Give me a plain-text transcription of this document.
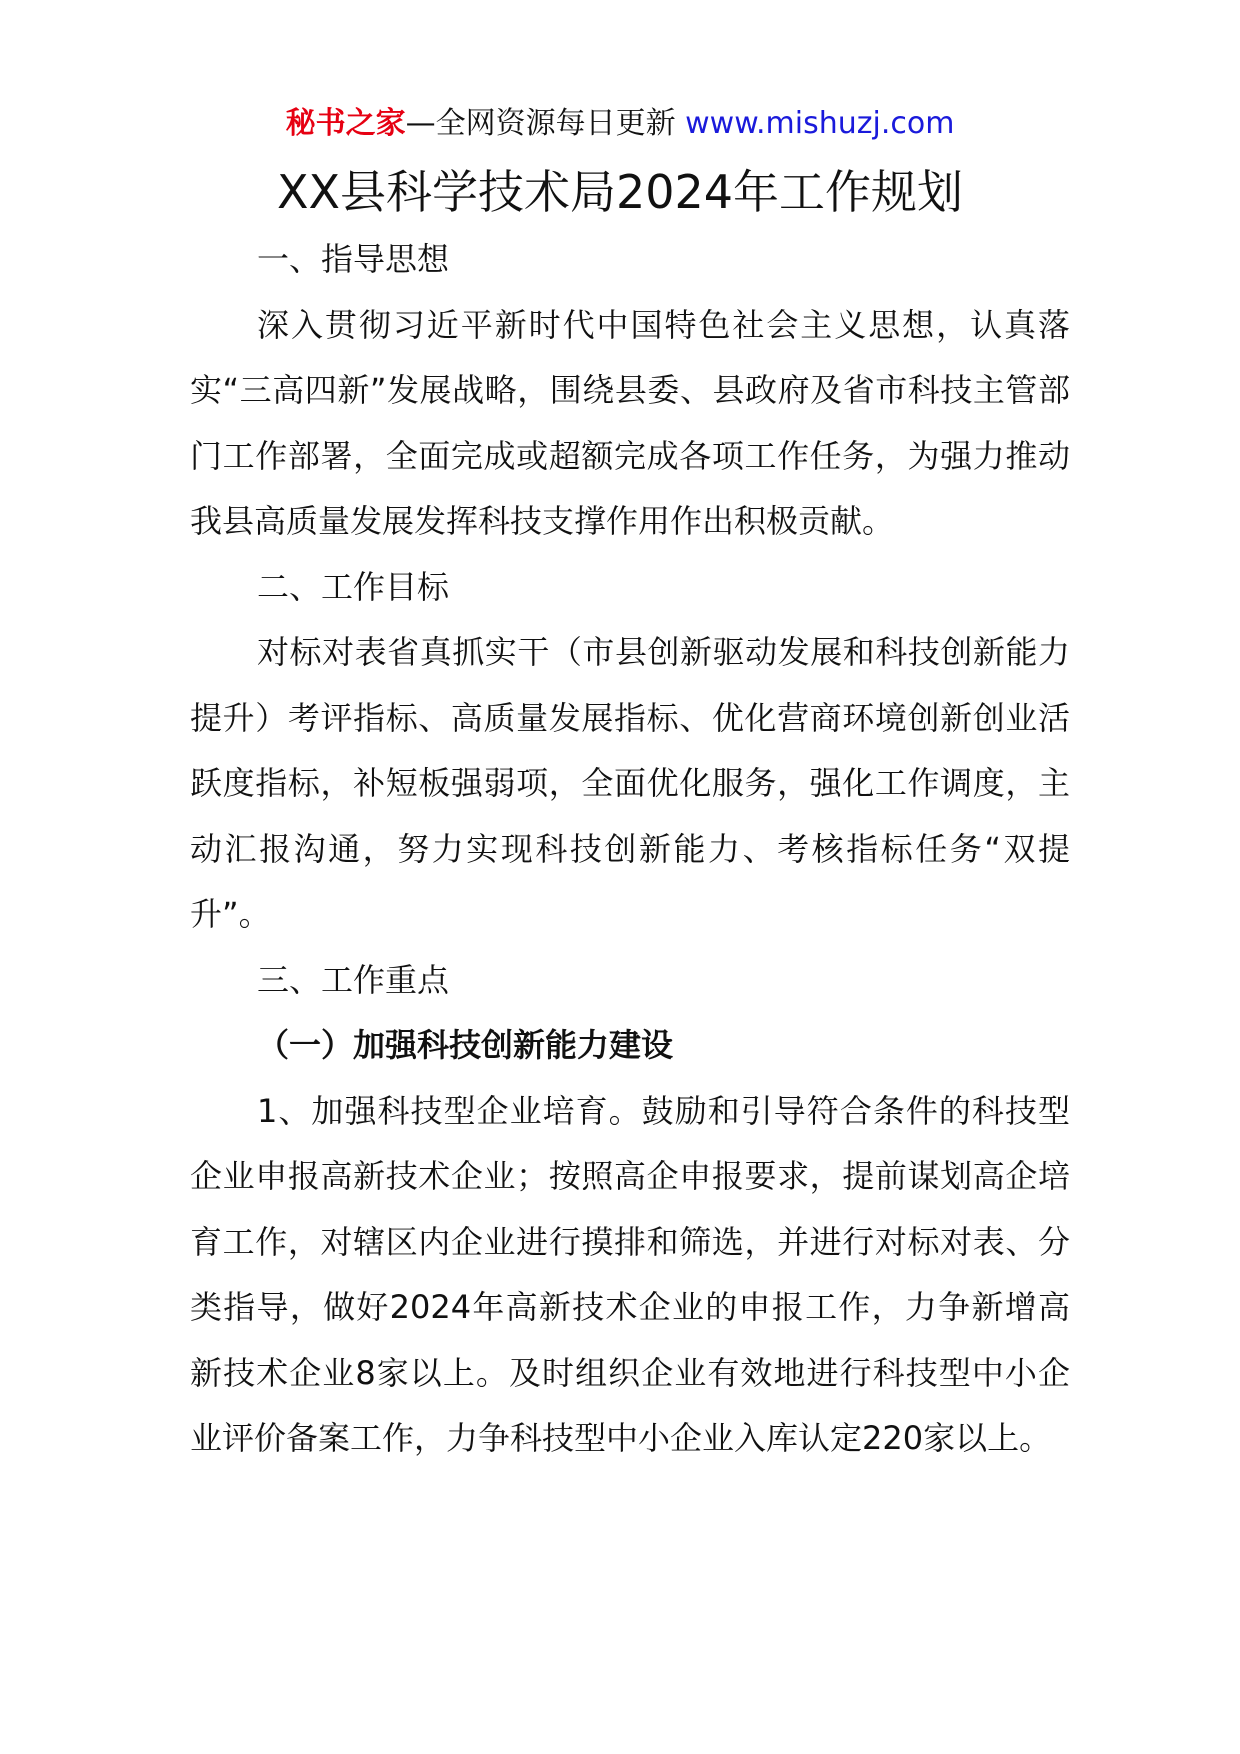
秘书之家—全网资源每日更新 www.mishuzj.com
XX县科学技术局2024年工作规划

一、指导思想

深入贯彻习近平新时代中国特色社会主义思想，认真落实“三高四新”发展战略，围绕县委、县政府及省市科技主管部门工作部署，全面完成或超额完成各项工作任务，为强力推动我县高质量发展发挥科技支撑作用作出积极贡献。

二、工作目标

对标对表省真抓实干（市县创新驱动发展和科技创新能力提升）考评指标、高质量发展指标、优化营商环境创新创业活跃度指标，补短板强弱项，全面优化服务，强化工作调度，主动汇报沟通，努力实现科技创新能力、考核指标任务“双提升”。

三、工作重点

（一）加强科技创新能力建设

1、加强科技型企业培育。鼓励和引导符合条件的科技型企业申报高新技术企业；按照高企申报要求，提前谋划高企培育工作，对辖区内企业进行摸排和筛选，并进行对标对表、分类指导，做好2024年高新技术企业的申报工作，力争新增高新技术企业8家以上。及时组织企业有效地进行科技型中小企业评价备案工作，力争科技型中小企业入库认定220家以上。
